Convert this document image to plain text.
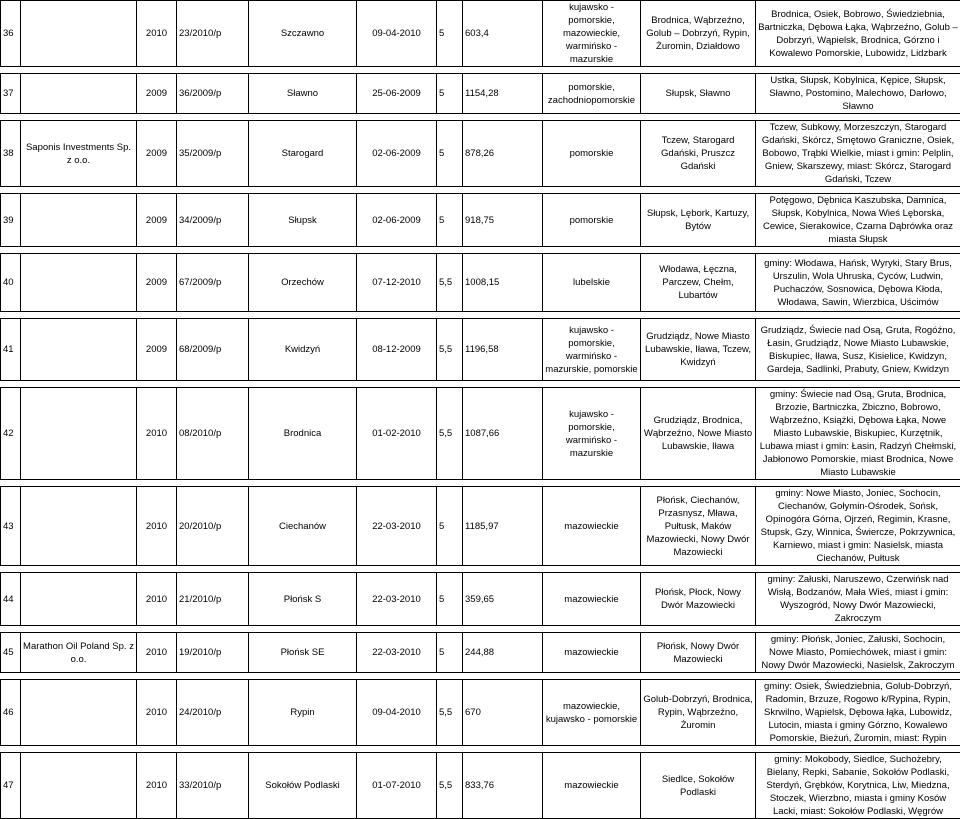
36		2010	23/2010/p	Szczawno	09-04-2010	5	603,4	kujawsko - pomorskie, mazowieckie, warmińsko - mazurskie	Brodnica, Wąbrzeźno, Golub – Dobrzyń, Rypin, Żuromin, Działdowo	Brodnica, Osiek, Bobrowo, Świedziebnia, Bartniczka, Dębowa Łąka, Wąbrzeźno, Golub – Dobrzyń, Wąpielsk, Brodnica, Górzno i Kowalewo Pomorskie, Lubowidz, Lidzbark

37		2009	36/2009/p	Sławno	25-06-2009	5	1154,28	pomorskie, zachodniopomorskie	Słupsk, Sławno	Ustka, Słupsk, Kobylnica, Kępice, Słupsk, Sławno, Postomino, Malechowo, Darłowo, Sławno

38	Saponis Investments Sp. z o.o.	2009	35/2009/p	Starogard	02-06-2009	5	878,26	pomorskie	Tczew, Starogard Gdański, Pruszcz Gdański	Tczew, Subkowy, Morzeszczyn, Starogard Gdański, Skórcz, Smętowo Graniczne, Osiek, Bobowo, Trąbki Wielkie, miast i gmin: Pelplin, Gniew, Skarszewy, miast: Skórcz, Starogard Gdański, Tczew

39		2009	34/2009/p	Słupsk	02-06-2009	5	918,75	pomorskie	Słupsk, Lębork, Kartuzy, Bytów	Potęgowo, Dębnica Kaszubska, Damnica, Słupsk, Kobylnica, Nowa Wieś Lęborska, Cewice, Sierakowice, Czarna Dąbrówka oraz miasta Słupsk

40		2009	67/2009/p	Orzechów	07-12-2010	5,5	1008,15	lubelskie	Włodawa, Łęczna, Parczew, Chełm, Lubartów	gminy: Włodawa, Hańsk, Wyryki, Stary Brus, Urszulin, Wola Uhruska, Cyców, Ludwin, Puchaczów, Sosnowica, Dębowa Kłoda, Włodawa, Sawin, Wierzbica, Uścimów

41		2009	68/2009/p	Kwidzyń	08-12-2009	5,5	1196,58	kujawsko - pomorskie, warmińsko - mazurskie, pomorskie	Grudziądz, Nowe Miasto Lubawskie, Iława, Tczew, Kwidzyń	Grudziądz, Świecie nad Osą, Gruta, Rogóźno, Łasin, Grudziądz, Nowe Miasto Lubawskie, Biskupiec, Iława, Susz, Kisielice, Kwidzyn, Gardeja, Sadlinki, Prabuty, Gniew, Kwidzyn

42		2010	08/2010/p	Brodnica	01-02-2010	5,5	1087,66	kujawsko - pomorskie, warmińsko - mazurskie	Grudziądz, Brodnica, Wąbrzeźno, Nowe Miasto Lubawskie, Iława	gminy: Świecie nad Osą, Gruta, Brodnica, Brzozie, Bartniczka, Zbiczno, Bobrowo, Wąbrzeźno, Książki, Dębowa Łąka, Nowe Miasto Lubawskie, Biskupiec, Kurzętnik, Lubawa miast i gmin: Łasin, Radzyń Chełmski, Jabłonowo Pomorskie, miast Brodnica, Nowe Miasto Lubawskie

43		2010	20/2010/p	Ciechanów	22-03-2010	5	1185,97	mazowieckie	Płońsk, Ciechanów, Przasnysz, Mława, Pułtusk, Maków Mazowiecki, Nowy Dwór Mazowiecki	gminy: Nowe Miasto, Joniec, Sochocin, Ciechanów, Gołymin-Ośrodek, Sońsk, Opinogóra Górna, Ojrzeń, Regimin, Krasne, Stupsk, Gzy, Winnica, Świercze, Pokrzywnica, Karniewo, miast i gmin: Nasielsk, miasta Ciechanów, Pułtusk

44		2010	21/2010/p	Płońsk S	22-03-2010	5	359,65	mazowieckie	Płońsk, Płock, Nowy Dwór Mazowiecki	gminy: Załuski, Naruszewo, Czerwińsk nad Wisłą, Bodzanów, Mała Wieś, miast i gmin: Wyszogród, Nowy Dwór Mazowiecki, Zakroczym

45	Marathon Oil Poland Sp. z o.o.	2010	19/2010/p	Płońsk SE	22-03-2010	5	244,88	mazowieckie	Płońsk, Nowy Dwór Mazowiecki	gminy: Płońsk, Joniec, Załuski, Sochocin, Nowe Miasto, Pomiechówek, miast i gmin: Nowy Dwór Mazowiecki, Nasielsk, Zakroczym

46		2010	24/2010/p	Rypin	09-04-2010	5,5	670	mazowieckie, kujawsko - pomorskie	Golub-Dobrzyń, Brodnica, Rypin, Wąbrzeźno, Żuromin	gminy: Osiek, Świedziebnia, Golub-Dobrzyń, Radomin, Brzuze, Rogowo k/Rypina, Rypin, Skrwilno, Wąpielsk, Dębowa łąka, Lubowidz, Lutocin, miasta i gminy Górzno, Kowalewo Pomorskie, Bieżuń, Żuromin, miast: Rypin

47		2010	33/2010/p	Sokołów Podlaski	01-07-2010	5,5	833,76	mazowieckie	Siedlce, Sokołów Podlaski	gminy: Mokobody, Siedlce, Suchożebry, Bielany, Repki, Sabanie, Sokołów Podlaski, Sterdyń, Grębków, Korytnica, Liw, Miedzna, Stoczek, Wierzbno, miasta i gminy Kosów Lacki, miast: Sokołów Podlaski, Węgrów
